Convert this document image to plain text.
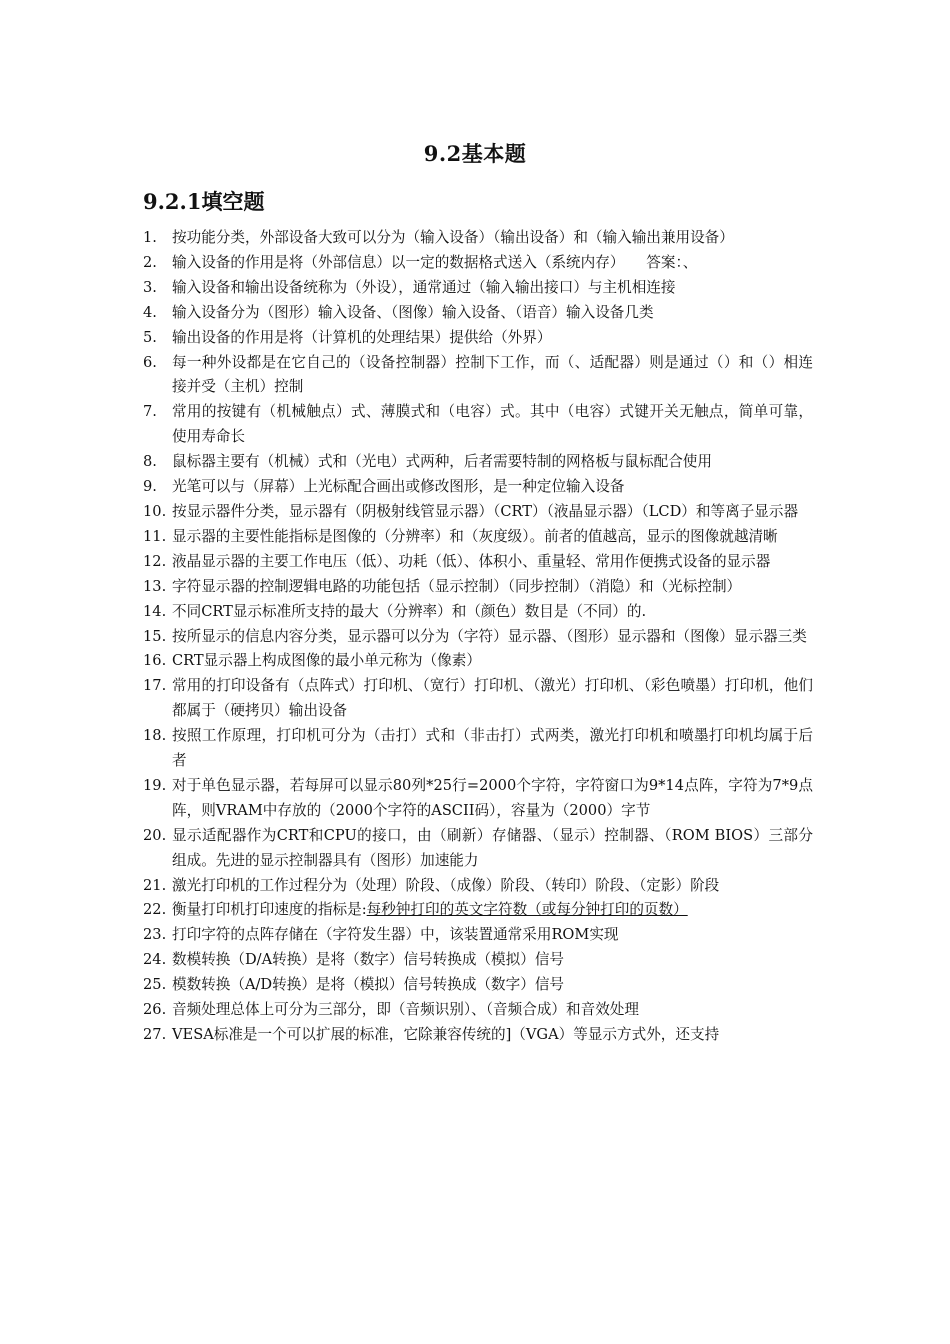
9.2基本题
9.2.1填空题
1. 按功能分类，外部设备大致可以分为（输入设备）（输出设备）和（输入输出兼用设备）
2. 输入设备的作用是将（外部信息）以一定的数据格式送入（系统内存）　　答案：、
3. 输入设备和输出设备统称为（外设），通常通过（输入输出接口）与主机相连接
4. 输入设备分为（图形）输入设备、（图像）输入设备、（语音）输入设备几类
5. 输出设备的作用是将（计算机的处理结果）提供给（外界）
6. 每一种外设都是在它自己的（设备控制器）控制下工作，而（、适配器）则是通过（）和（）相连接并受（主机）控制
7. 常用的按键有（机械触点）式、薄膜式和（电容）式。其中（电容）式键开关无触点，简单可靠，使用寿命长
8. 鼠标器主要有（机械）式和（光电）式两种，后者需要特制的网格板与鼠标配合使用
9. 光笔可以与（屏幕）上光标配合画出或修改图形，是一种定位输入设备
10. 按显示器件分类，显示器有（阴极射线管显示器）（CRT）（液晶显示器）（LCD）和等离子显示器
11. 显示器的主要性能指标是图像的（分辨率）和（灰度级）。前者的值越高，显示的图像就越清晰
12. 液晶显示器的主要工作电压（低）、功耗（低）、体积小、重量轻、常用作便携式设备的显示器
13. 字符显示器的控制逻辑电路的功能包括（显示控制）（同步控制）（消隐）和（光标控制）
14. 不同CRT显示标准所支持的最大（分辨率）和（颜色）数目是（不同）的.
15. 按所显示的信息内容分类，显示器可以分为（字符）显示器、（图形）显示器和（图像）显示器三类
16. CRT显示器上构成图像的最小单元称为（像素）
17. 常用的打印设备有（点阵式）打印机、（宽行）打印机、（激光）打印机、（彩色喷墨）打印机，他们都属于（硬拷贝）输出设备
18. 按照工作原理，打印机可分为（击打）式和（非击打）式两类，激光打印机和喷墨打印机均属于后者
19. 对于单色显示器，若每屏可以显示80列*25行=2000个字符，字符窗口为9*14点阵，字符为7*9点阵，则VRAM中存放的（2000个字符的ASCII码），容量为（2000）字节
20. 显示适配器作为CRT和CPU的接口，由（刷新）存储器、（显示）控制器、（ROM BIOS）三部分组成。先进的显示控制器具有（图形）加速能力
21. 激光打印机的工作过程分为（处理）阶段、（成像）阶段、（转印）阶段、（定影）阶段
22. 衡量打印机打印速度的指标是:每秒钟打印的英文字符数（或每分钟打印的页数）
23. 打印字符的点阵存储在（字符发生器）中，该装置通常采用ROM实现
24. 数模转换（D/A转换）是将（数字）信号转换成（模拟）信号
25. 模数转换（A/D转换）是将（模拟）信号转换成（数字）信号
26. 音频处理总体上可分为三部分，即（音频识别）、（音频合成）和音效处理
27. VESA标准是一个可以扩展的标准，它除兼容传统的]（VGA）等显示方式外，还支持
